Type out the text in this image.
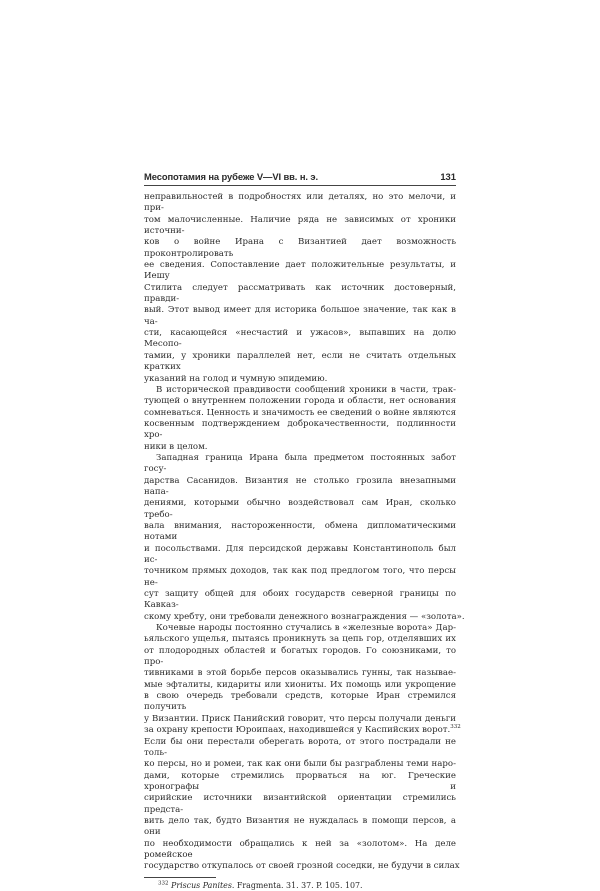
Месопотамия на рубеже V—VI вв. н. э.	131

неправильностей в подробностях или деталях, но это мелочи, и при-
том малочисленные. Наличие ряда не зависимых от хроники источни-
ков о войне Ирана с Византией дает возможность проконтролировать
ее сведения. Сопоставление дает положительные результаты, и Иешу
Стилита следует рассматривать как источник достоверный, правди-
вый. Этот вывод имеет для историка большое значение, так как в ча-
сти, касающейся «несчастий и ужасов», выпавших на долю Месопо-
тамии, у хроники параллелей нет, если не считать отдельных кратких
указаний на голод и чумную эпидемию.

В исторической правдивости сообщений хроники в части, трак-
тующей о внутреннем положении города и области, нет основания
сомневаться. Ценность и значимость ее сведений о войне являются
косвенным подтверждением доброкачественности, подлинности хро-
ники в целом.

Западная граница Ирана была предметом постоянных забот госу-
дарства Сасанидов. Византия не столько грозила внезапными напа-
дениями, которыми обычно воздействовал сам Иран, сколько требо-
вала внимания, настороженности, обмена дипломатическими нотами
и посольствами. Для персидской державы Константинополь был ис-
точником прямых доходов, так как под предлогом того, что персы не-
сут защиту общей для обоих государств северной границы по Кавказ-
скому хребту, они требовали денежного вознаграждения — «золота».

Кочевые народы постоянно стучались в «железные ворота» Дар-
ьяльского ущелья, пытаясь проникнуть за цепь гор, отделявших их
от плодородных областей и богатых городов. Го союзниками, то про-
тивниками в этой борьбе персов оказывались гунны, так называе-
мые эфталиты, кидариты или хиониты. Их помощь или укрощение
в свою очередь требовали средств, которые Иран стремился получить
у Византии. Приск Панийский говорит, что персы получали деньги
за охрану крепости Юроипаах, находившейся у Каспийских ворот.$^{332}$

Если бы они перестали оберегать ворота, от этого пострадали не толь-
ко персы, но и ромеи, так как они были бы разграблены теми наро-
дами, которые стремились прорваться на юг. Греческие хронографы и
сирийские источники византийской ориентации стремились предста-
вить дело так, будто Византия не нуждалась в помощи персов, а они
по необходимости обращались к ней за «золотом». На деле ромейское
государство откупалось от своей грозной соседки, не будучи в силах

$^{332}$ Priscus Panites. Fragmenta. 31. 37. P. 105. 107.
